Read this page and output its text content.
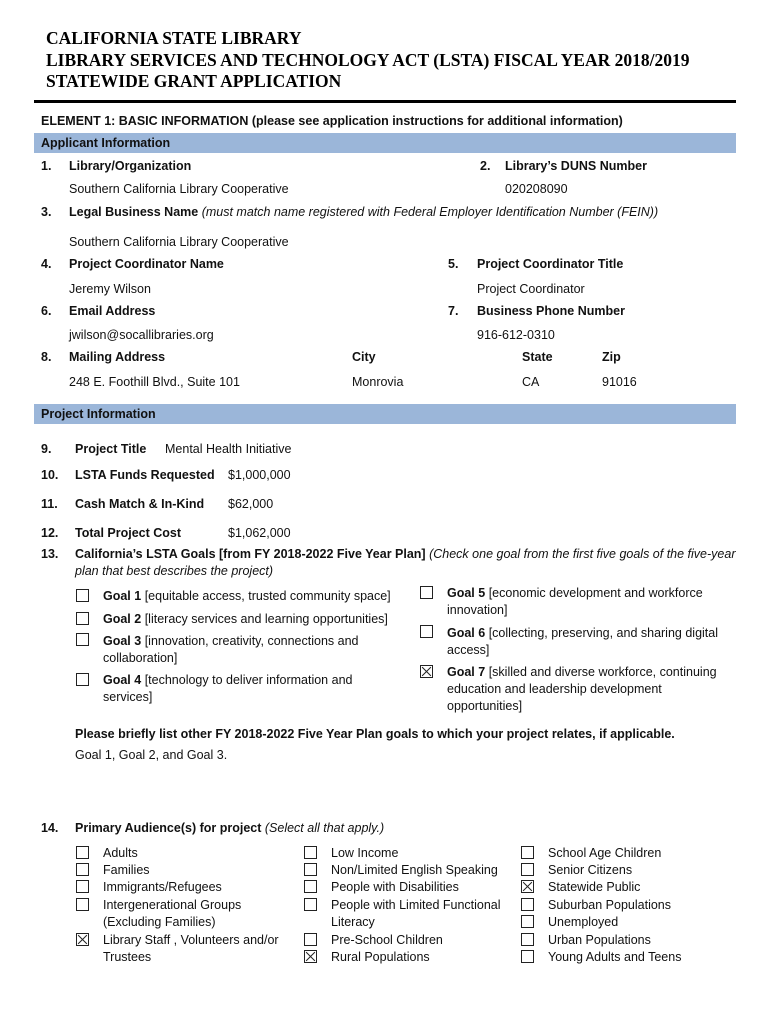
CALIFORNIA STATE LIBRARY
LIBRARY SERVICES AND TECHNOLOGY ACT (LSTA) FISCAL YEAR 2018/2019
STATEWIDE GRANT APPLICATION
ELEMENT 1: BASIC INFORMATION (please see application instructions for additional information)
Applicant Information
1. Library/Organization
Southern California Library Cooperative
2. Library’s DUNS Number
020208090
3. Legal Business Name (must match name registered with Federal Employer Identification Number (FEIN))
Southern California Library Cooperative
4. Project Coordinator Name
Jeremy Wilson
5. Project Coordinator Title
Project Coordinator
6. Email Address
jwilson@socallibraries.org
7. Business Phone Number
916-612-0310
8. Mailing Address
248 E. Foothill Blvd., Suite 101
City
Monrovia
State
CA
Zip
91016
Project Information
9. Project Title Mental Health Initiative
10. LSTA Funds Requested $1,000,000
11. Cash Match & In-Kind $62,000
12. Total Project Cost	$1,062,000
13. California’s LSTA Goals [from FY 2018-2022 Five Year Plan] (Check one goal from the first five goals of the five-year
plan that best describes the project)
Goal 1 [equitable access, trusted community space]
Goal 2 [literacy services and learning opportunities]
Goal 3 [innovation, creativity, connections and
collaboration]
Goal 4 [technology to deliver information and
services]
Goal 5 [economic development and workforce
innovation]
Goal 6 [collecting, preserving, and sharing digital
access]
Goal 7 [skilled and diverse workforce, continuing
education and leadership development
opportunities]
Please briefly list other FY 2018-2022 Five Year Plan goals to which your project relates, if applicable.
Goal 1, Goal 2, and Goal 3.
14. Primary Audience(s) for project (Select all that apply.)
Adults
Families
Immigrants/Refugees
Intergenerational Groups
(Excluding Families)
Library Staff , Volunteers and/or
Trustees
Low Income
Non/Limited English Speaking
People with Disabilities
People with Limited Functional
Literacy
Pre-School Children
Rural Populations
School Age Children
Senior Citizens
Statewide Public
Suburban Populations
Unemployed
Urban Populations
Young Adults and Teens
